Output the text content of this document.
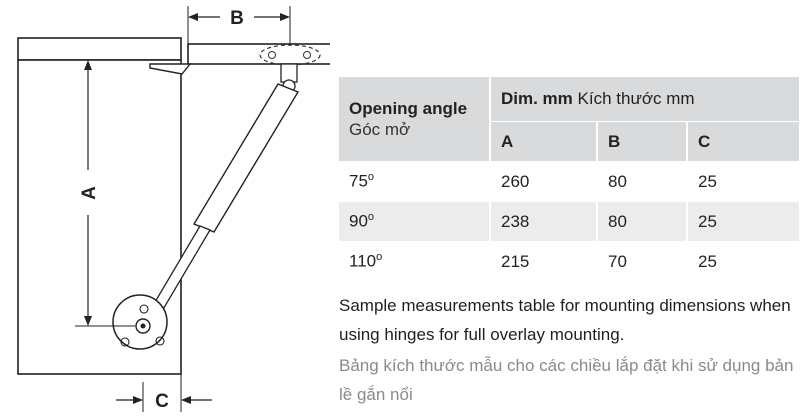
A
B
C
Opening angle
Góc mở	Dim. mm Kích thước mm		
	A	B	C
75$^o$	260	80	25
90$^o$	238	80	25
110$^o$	215	70	25
Sample measurements table for mounting dimensions when using hinges for full overlay mounting.
Bảng kích thước mẫu cho các chiều lắp đặt khi sử dụng bản lề gắn nổi
